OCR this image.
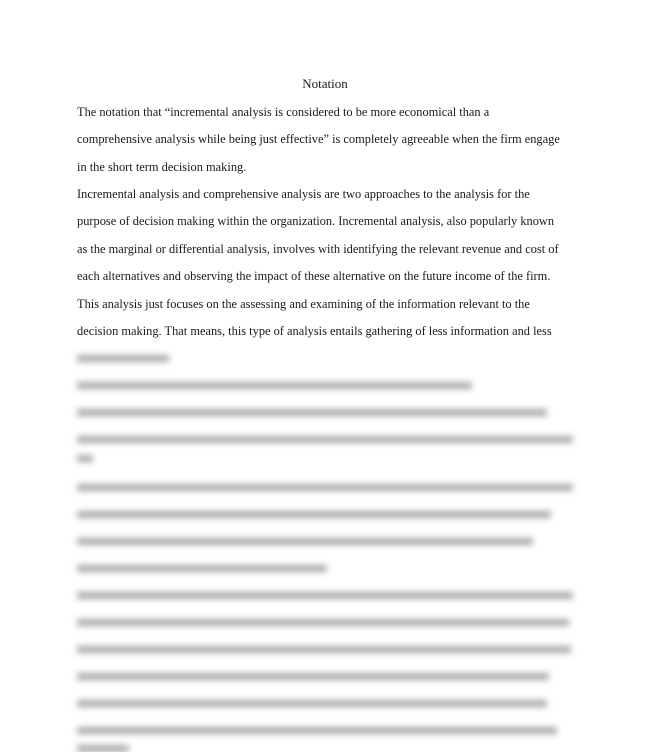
Notation
The notation that “incremental analysis is considered to be more economical than a
comprehensive analysis while being just effective” is completely agreeable when the firm engage
in the short term decision making.
Incremental analysis and comprehensive analysis are two approaches to the analysis for the
purpose of decision making within the organization. Incremental analysis, also popularly known
as the marginal or differential analysis, involves with identifying the relevant revenue and cost of
each alternatives and observing the impact of these alternative on the future income of the firm.
This analysis just focuses on the assessing and examining of the information relevant to the
decision making. That means, this type of analysis entails gathering of less information and less
